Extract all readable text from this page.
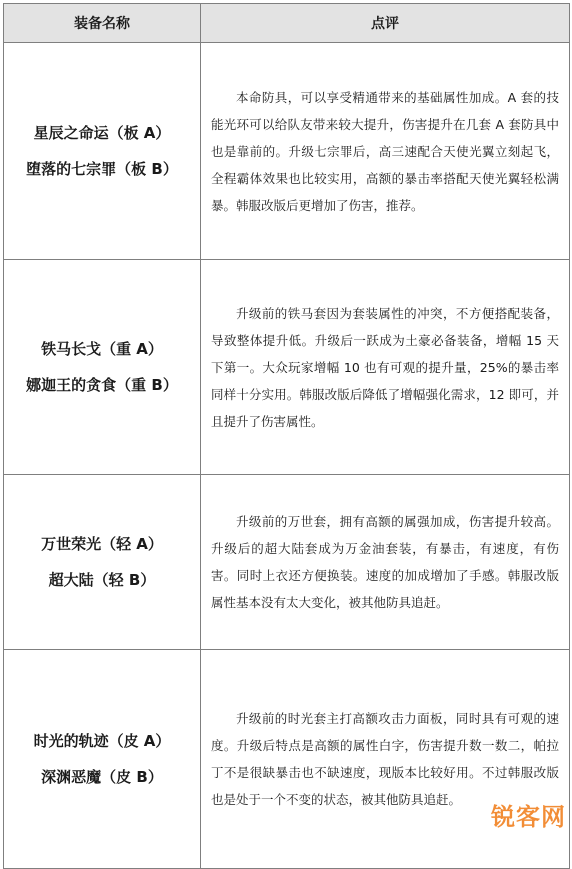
装备名称	点评

星辰之命运（板 A）
堕落的七宗罪（板 B）	本命防具，可以享受精通带来的基础属性加成。A 套的技能光环可以给队友带来较大提升，伤害提升在几套 A 套防具中也是靠前的。升级七宗罪后，高三速配合天使光翼立刻起飞，全程霸体效果也比较实用，高额的暴击率搭配天使光翼轻松满暴。韩服改版后更增加了伤害，推荐。

铁马长戈（重 A）
娜迦王的贪食（重 B）	升级前的铁马套因为套装属性的冲突，不方便搭配装备，导致整体提升低。升级后一跃成为土豪必备装备，增幅 15 天下第一。大众玩家增幅 10 也有可观的提升量，25%的暴击率同样十分实用。韩服改版后降低了增幅强化需求，12 即可，并且提升了伤害属性。

万世荣光（轻 A）
超大陆（轻 B）	升级前的万世套，拥有高额的属强加成，伤害提升较高。升级后的超大陆套成为万金油套装，有暴击，有速度，有伤害。同时上衣还方便换装。速度的加成增加了手感。韩服改版属性基本没有太大变化，被其他防具追赶。

时光的轨迹（皮 A）
深渊恶魔（皮 B）	升级前的时光套主打高额攻击力面板，同时具有可观的速度。升级后特点是高额的属性白字，伤害提升数一数二，帕拉丁不是很缺暴击也不缺速度，现版本比较好用。不过韩服改版也是处于一个不变的状态，被其他防具追赶。

锐客网
